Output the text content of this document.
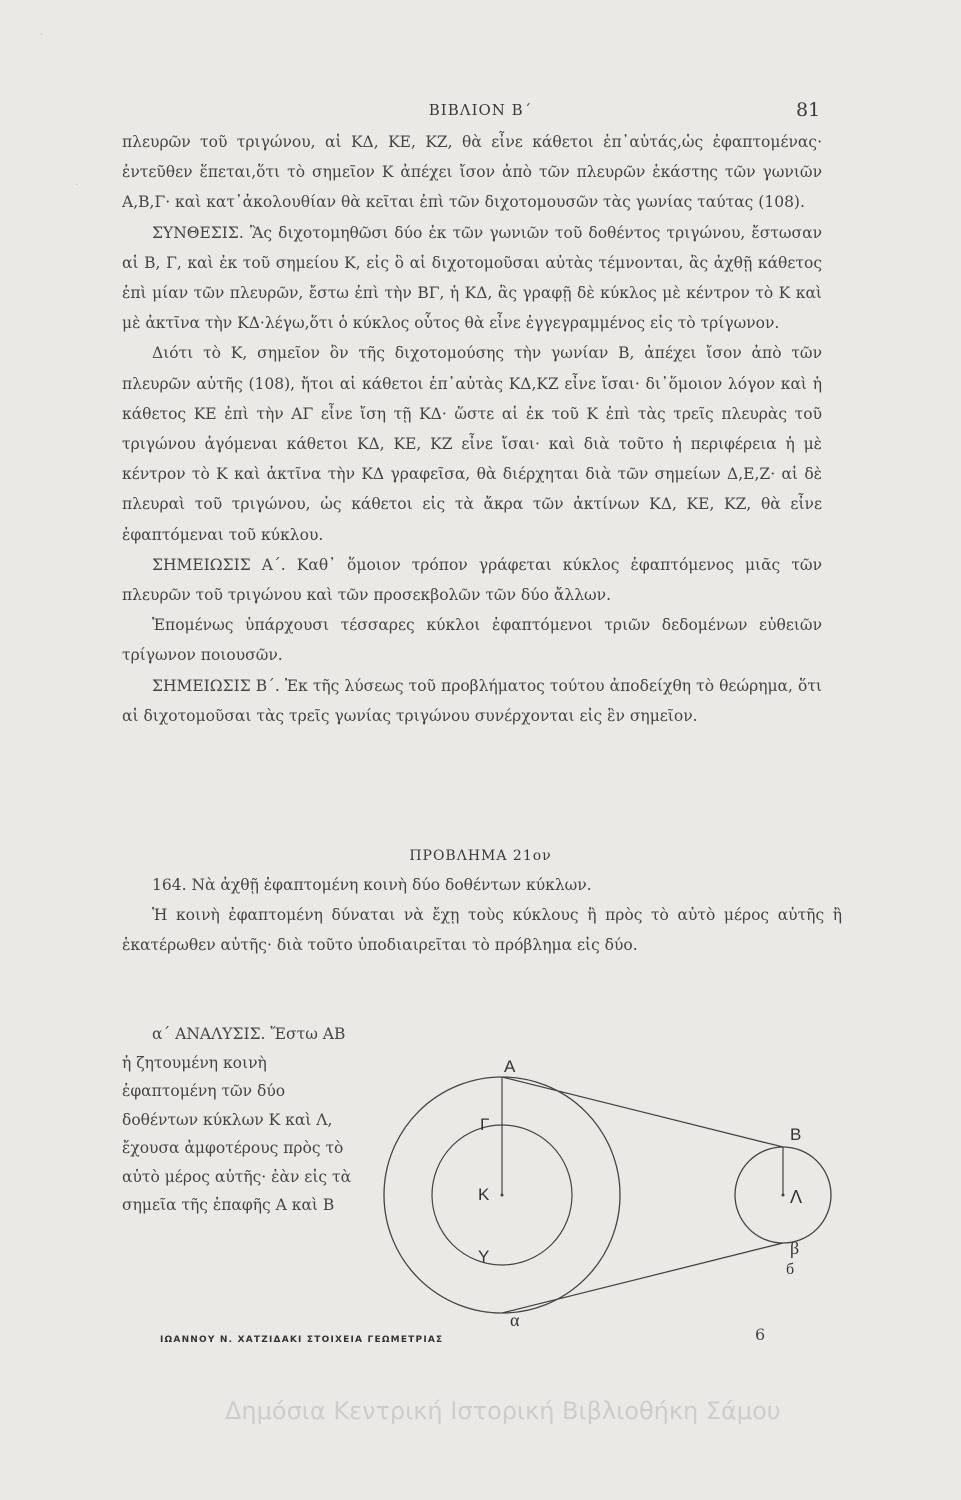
·
·
ΒΙΒΛΙΟΝ Β΄	81

πλευρῶν τοῦ τριγώνου, αἱ ΚΔ, ΚΕ, ΚΖ, θὰ εἶνε κάθετοι ἐπ᾽αὐτάς,ὡς ἐφαπτομένας· ἐντεῦθεν ἕπεται,ὅτι τὸ σημεῖον Κ ἀπέχει ἴσον ἀπὸ τῶν πλευρῶν ἑκάστης τῶν γωνιῶν Α,Β,Γ· καὶ κατ᾽ἀκολουθίαν θὰ κεῖται ἐπὶ τῶν διχοτομουσῶν τὰς γωνίας ταύτας (108).

ΣΥΝΘΕΣΙΣ. Ἂς διχοτομηθῶσι δύο ἐκ τῶν γωνιῶν τοῦ δοθέντος τριγώνου, ἔστωσαν αἱ Β, Γ, καὶ ἐκ τοῦ σημείου Κ, εἰς ὃ αἱ διχοτομοῦσαι αὐτὰς τέμνονται, ἂς ἀχθῇ κάθετος ἐπὶ μίαν τῶν πλευρῶν, ἔστω ἐπὶ τὴν ΒΓ, ἡ ΚΔ, ἂς γραφῇ δὲ κύκλος μὲ κέντρον τὸ Κ καὶ μὲ ἀκτῖνα τὴν ΚΔ·λέγω,ὅτι ὁ κύκλος οὗτος θὰ εἶνε ἐγγεγραμμένος εἰς τὸ τρίγωνον.

Διότι τὸ Κ, σημεῖον ὂν τῆς διχοτομούσης τὴν γωνίαν Β, ἀπέχει ἴσον ἀπὸ τῶν πλευρῶν αὐτῆς (108), ἤτοι αἱ κάθετοι ἐπ᾽αὐτὰς ΚΔ,ΚΖ εἶνε ἴσαι· δι᾽ὅμοιον λόγον καὶ ἡ κάθετος ΚΕ ἐπὶ τὴν ΑΓ εἶνε ἴση τῇ ΚΔ· ὥστε αἱ ἐκ τοῦ Κ ἐπὶ τὰς τρεῖς πλευρὰς τοῦ τριγώνου ἀγόμεναι κάθετοι ΚΔ, ΚΕ, ΚΖ εἶνε ἴσαι· καὶ διὰ τοῦτο ἡ περιφέρεια ἡ μὲ κέντρον τὸ Κ καὶ ἀκτῖνα τὴν ΚΔ γραφεῖσα, θὰ διέρχηται διὰ τῶν σημείων Δ,Ε,Ζ· αἱ δὲ πλευραὶ τοῦ τριγώνου, ὡς κάθετοι εἰς τὰ ἄκρα τῶν ἀκτίνων ΚΔ, ΚΕ, ΚΖ, θὰ εἶνε ἐφαπτόμεναι τοῦ κύκλου.

ΣΗΜΕΙΩΣΙΣ Α΄. Καθ᾽ ὅμοιον τρόπον γράφεται κύκλος ἐφαπτόμενος μιᾶς τῶν πλευρῶν τοῦ τριγώνου καὶ τῶν προσεκβολῶν τῶν δύο ἄλλων.

Ἑπομένως ὑπάρχουσι τέσσαρες κύκλοι ἐφαπτόμενοι τριῶν δεδομένων εὐθειῶν τρίγωνον ποιουσῶν.

ΣΗΜΕΙΩΣΙΣ Β΄. Ἐκ τῆς λύσεως τοῦ προβλήματος τούτου ἀποδείχθη τὸ θεώρημα, ὅτι αἱ διχοτομοῦσαι τὰς τρεῖς γωνίας τριγώνου συνέρχονται εἰς ἓν σημεῖον.

ΠΡΟΒΛΗΜΑ 21ον

164. Νὰ ἀχθῇ ἐφαπτομένη κοινὴ δύο δοθέντων κύκλων.

Ἡ κοινὴ ἐφαπτομένη δύναται νὰ ἔχῃ τοὺς κύκλους ἢ πρὸς τὸ αὐτὸ μέρος αὐτῆς ἢ ἑκατέρωθεν αὐτῆς· διὰ τοῦτο ὑποδιαιρεῖται τὸ πρόβλημα εἰς δύο.

α΄ ΑΝΑΛΥΣΙΣ. Ἔστω ΑΒ ἡ ζητουμένη κοινὴ ἐφαπτομένη τῶν δύο δοθέντων κύκλων Κ καὶ Λ, ἔχουσα ἀμφοτέρους πρὸς τὸ αὐτὸ μέρος αὐτῆς· ἐὰν εἰς τὰ σημεῖα τῆς ἐπαφῆς Α καὶ Β

Α
Γ
Β
Κ	Λ
Υ
α
β
б
ΙΩΑΝΝΟΥ Ν. ΧΑΤΖΙΔΑΚΙ ΣΤΟΙΧΕΙΑ ΓΕΩΜΕΤΡΙΑΣ	6
Δημόσια Κεντρική Ιστορική Βιβλιοθήκη Σάμου
